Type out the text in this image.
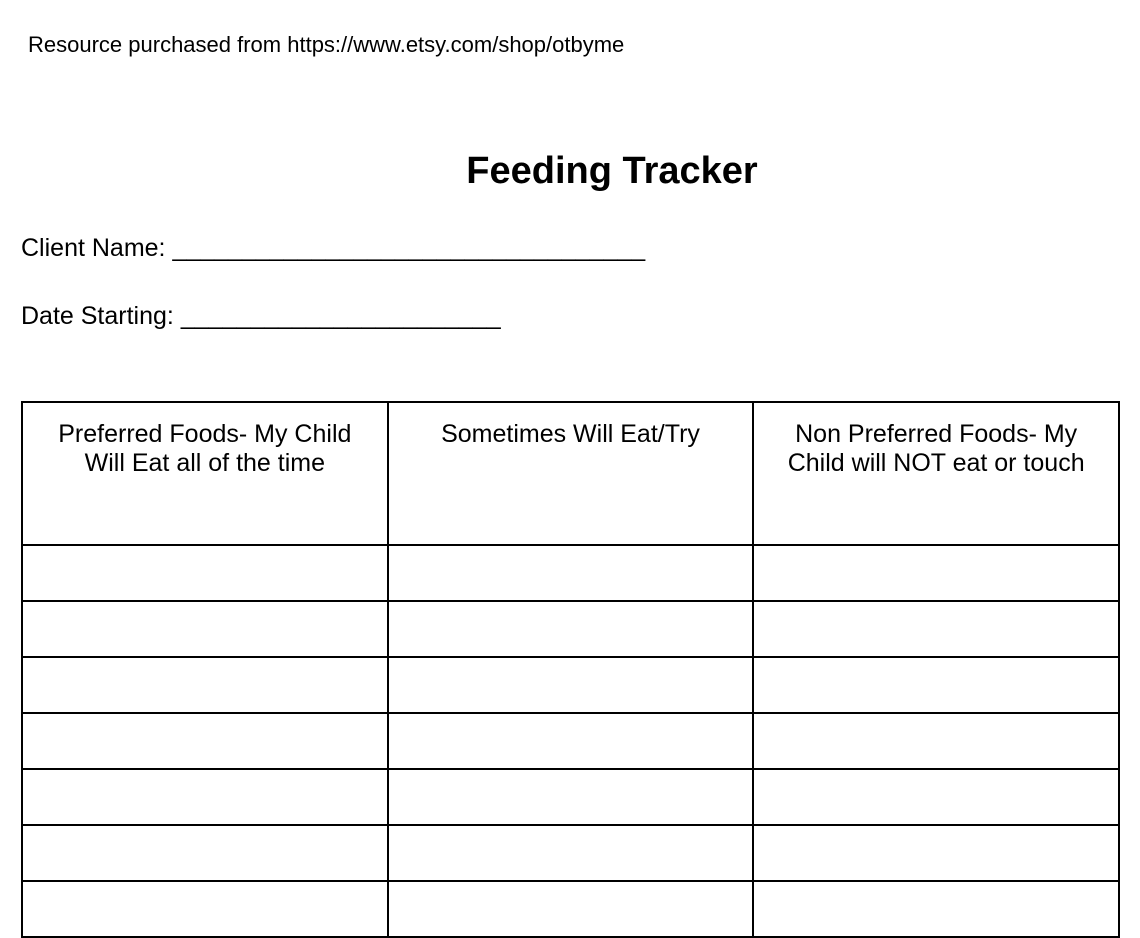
Resource purchased from https://www.etsy.com/shop/otbyme
Feeding Tracker
Client Name: __________________________________
Date Starting: _______________________
Preferred Foods- My Child Will Eat all of the time	Sometimes Will Eat/Try	Non Preferred Foods- My Child will NOT eat or touch
